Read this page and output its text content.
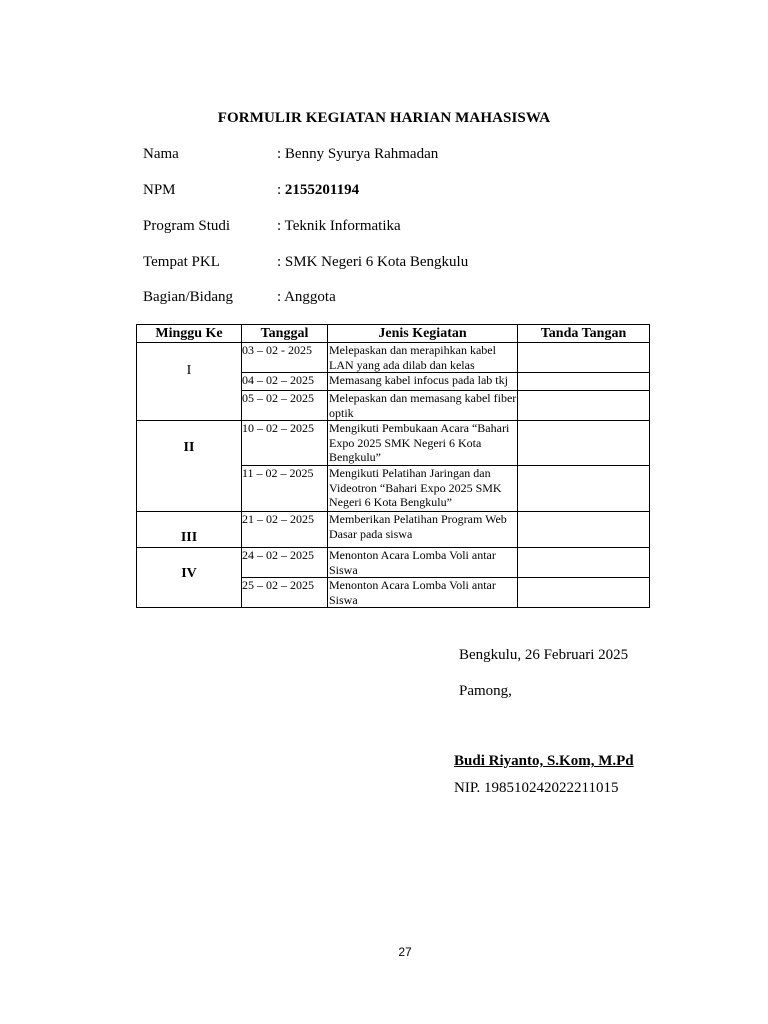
FORMULIR KEGIATAN HARIAN MAHASISWA
Nama	: Benny Syurya Rahmadan
NPM	: 2155201194
Program Studi	: Teknik Informatika
Tempat PKL	: SMK Negeri 6 Kota Bengkulu
Bagian/Bidang	: Anggota
Minggu Ke	Tanggal	Jenis Kegiatan	Tanda Tangan
I	03 – 02 - 2025	Melepaskan dan merapihkan kabel LAN yang ada dilab dan kelas	
	04 – 02 – 2025	Memasang kabel infocus pada lab tkj	
	05 – 02 – 2025	Melepaskan dan memasang kabel fiber optik	
II	10 – 02 – 2025	Mengikuti Pembukaan Acara “Bahari Expo 2025 SMK Negeri 6 Kota Bengkulu”	
	11 – 02 – 2025	Mengikuti Pelatihan Jaringan dan Videotron “Bahari Expo 2025 SMK Negeri 6 Kota Bengkulu”	
III	21 – 02 – 2025	Memberikan Pelatihan Program Web Dasar pada siswa	
IV	24 – 02 – 2025	Menonton Acara Lomba Voli antar Siswa	
	25 – 02 – 2025	Menonton Acara Lomba Voli antar Siswa	
Bengkulu, 26 Februari 2025
Pamong,
Budi Riyanto, S.Kom, M.Pd
NIP. 198510242022211015
27
